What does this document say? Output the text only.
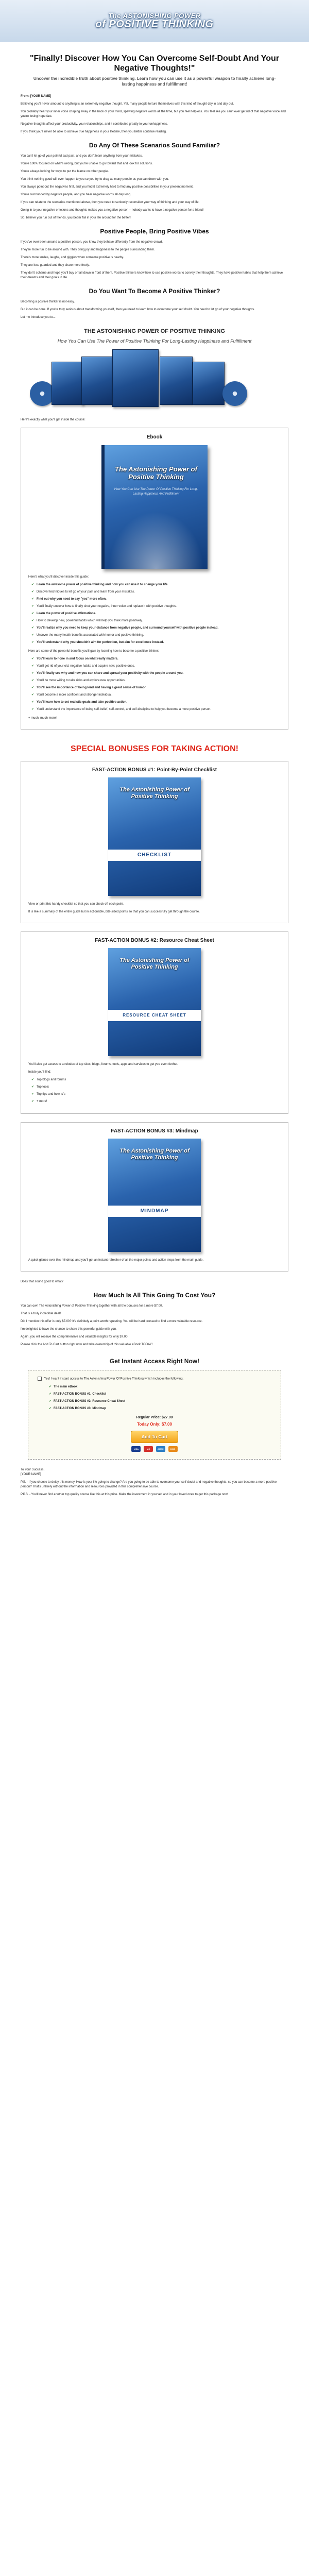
The ASTONISHING POWER
of POSITIVE THINKING
"Finally! Discover How You Can Overcome Self-Doubt And Your Negative Thoughts!"
Uncover the incredible truth about positive thinking. Learn how you can use it as a powerful weapon to finally achieve long-lasting happiness and fulfillment!

From: [YOUR NAME]

Believing you'll never amount to anything is an extremely negative thought. Yet, many people torture themselves with this kind of thought day in and day out.

You probably hear your inner voice chirping away in the back of your mind, spewing negative words all the time, but you feel helpless. You feel like you can't ever get rid of that negative voice and you're losing hope fast.

Negative thoughts affect your productivity, your relationships, and it contributes greatly to your unhappiness.

If you think you'll never be able to achieve true happiness in your lifetime, then you better continue reading.

Do Any Of These Scenarios Sound Familiar?

You can't let go of your painful sad past, and you don't learn anything from your mistakes.

You're 100% focused on what's wrong, but you're unable to go toward that and look for solutions.

You're always looking for ways to put the blame on other people.

You think nothing good will ever happen to you so you try to drag as many people as you can down with you.

You always point out the negatives first, and you find it extremely hard to find any positive possibilities in your present moment.

You're surrounded by negative people, and you hear negative words all day long.

If you can relate to the scenarios mentioned above, then you need to seriously reconsider your way of thinking and your way of life.

Going in to your negative emotions and thoughts makes you a negative person – nobody wants to have a negative person for a friend!

So, believe you run out of friends, you better fail in your life around for the better!

Positive People, Bring Positive Vibes

If you've ever been around a positive person, you know they behave differently from the negative crowd.

They're more fun to be around with. They bring joy and happiness to the people surrounding them.

There's more smiles, laughs, and giggles when someone positive is nearby.

They are less guarded and they share more freely.

They don't scheme and hope you'll buy or fall down in front of them. Positive thinkers know how to use positive words to convey their thoughts. They have positive habits that help them achieve their dreams and their goals in life.

Do You Want To Become A Positive Thinker?

Becoming a positive thinker is not easy.

But it can be done. If you're truly serious about transforming yourself, then you need to learn how to overcome your self doubt. You need to let go of your negative thoughts.

Let me introduce you to...

THE ASTONISHING POWER OF POSITIVE THINKING
How You Can Use The Power of Positive Thinking For Long-Lasting Happiness and Fulfillment

Here's exactly what you'll get inside the course:

Ebook
The Astonishing Power of Positive Thinking
How You Can Use The Power Of Positive Thinking For Long-Lasting Happiness And Fulfillment

Here's what you'll discover inside this guide:

✔ Learn the awesome power of positive thinking and how you can use it to change your life.
✔ Discover techniques to let go of your past and learn from your mistakes.
✔ Find out why you need to say "yes" more often.
✔ You'll finally uncover how to finally shut your negative, inner voice and replace it with positive thoughts.
✔ Learn the power of positive affirmations.
✔ How to develop new, powerful habits which will help you think more positively.
✔ You'll realize why you need to keep your distance from negative people, and surround yourself with positive people instead.
✔ Uncover the many health benefits associated with humor and positive thinking.
✔ You'll understand why you shouldn't aim for perfection, but aim for excellence instead.

Here are some of the powerful benefits you'll gain by learning how to become a positive thinker:

✔ You'll learn to hone in and focus on what really matters.
✔ You'll get rid of your old, negative habits and acquire new, positive ones.
✔ You'll finally see why and how you can share and spread your positivity with the people around you.
✔ You'll be more willing to take risks and explore new opportunities.
✔ You'll see the importance of being kind and having a great sense of humor.
✔ You'll become a more confident and stronger individual.
✔ You'll learn how to set realistic goals and take positive action.
✔ You'll understand the importance of being self-belief, self-control, and self-discipline to help you become a more positive person.

+ much, much more!

SPECIAL BONUSES FOR TAKING ACTION!
FAST-ACTION BONUS #1: Point-By-Point Checklist
The Astonishing Power of Positive Thinking
CHECKLIST

View or print this handy checklist so that you can check off each point.

It is like a summary of the entire guide but in actionable, bite-sized points so that you can successfully get through the course.

FAST-ACTION BONUS #2: Resource Cheat Sheet
The Astonishing Power of Positive Thinking
RESOURCE CHEAT SHEET

You'll also get access to a rolodex of top sites, blogs, forums, tools, apps and services to get you even further.

Inside you'll find:

✔ Top blogs and forums
✔ Top tools
✔ Top tips and how to's
✔ + more!
FAST-ACTION BONUS #3: Mindmap
The Astonishing Power of Positive Thinking
MINDMAP

A quick glance over this mindmap and you'll get an instant refresher of all the major points and action steps from the main guide.

Does that sound good to what?

How Much Is All This Going To Cost You?

You can own The Astonishing Power of Positive Thinking together with all the bonuses for a mere $7.00.

That is a truly incredible deal!

Did I mention this offer is only $7.00? It's definitely a point worth repeating. You will be hard pressed to find a more valuable resource.

I'm delighted to have the chance to share this powerful guide with you.

Again, you will receive the comprehensive and valuable insights for only $7.00!

Please click the Add To Cart button right now and take ownership of this valuable eBook TODAY!

Get Instant Access Right Now!
Yes! I want instant access to The Astonishing Power Of Positive Thinking which includes the following:
✔ The main eBook
✔ FAST-ACTION BONUS #1: Checklist
✔ FAST-ACTION BONUS #2: Resource Cheat Sheet
✔ FAST-ACTION BONUS #3: Mindmap
Regular Price: $27.00
Today Only: $7.00
Add To Cart
VISA	MC	AMEX	DISC

To Your Success,

[YOUR NAME]

P.S. - If you choose to delay this money. How is your life going to change? Are you going to be able to overcome your self-doubt and negative thoughts, so you can become a more positive person? That's unlikely without the information and resources provided in this comprehensive course.

P.P.S. - You'll never find another top quality course like this at this price. Make the investment in yourself and in your loved ones to get this package now!
